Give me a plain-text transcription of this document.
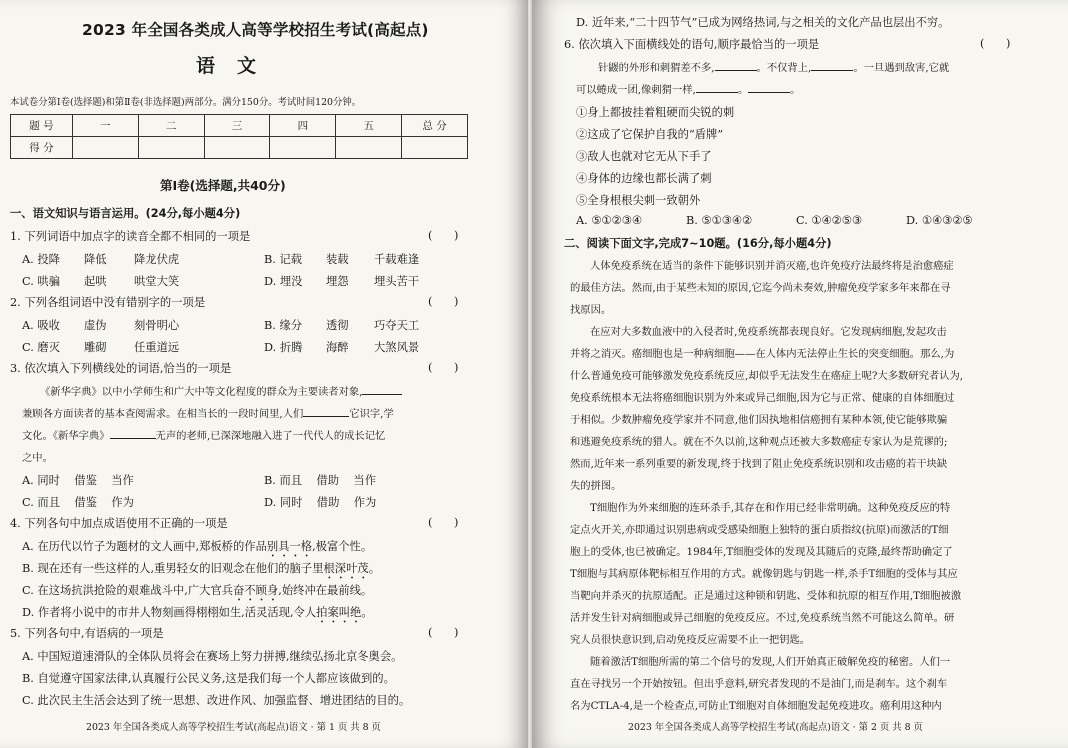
2023 年全国各类成人高等学校招生考试(高起点)
语文
本试卷分第Ⅰ卷(选择题)和第Ⅱ卷(非选择题)两部分。满分150分。考试时间120分钟。
题 号	一	二	三	四	五	总 分
得 分						
第Ⅰ卷(选择题,共40分)
一、语文知识与语言运用。(24分,每小题4分)
1. 下列词语中加点字的读音全都不相同的一项是	(      )
A. 投降 降低 降龙伏虎	B. 记载 装载 千载难逢
C. 哄骗 起哄 哄堂大笑	D. 埋没 埋怨 埋头苦干
2. 下列各组词语中没有错别字的一项是	(      )
A. 吸收 虚伪 刻骨明心	B. 缘分 透彻 巧夺天工
C. 磨灭 雕砌 任重道远	D. 折腾 海醉 大煞风景
3. 依次填入下列横线处的词语,恰当的一项是	(      )
《新华字典》以中小学师生和广大中等文化程度的群众为主要读者对象,
兼顾各方面读者的基本查阅需求。在相当长的一段时间里,人们	它识字,学
文化。《新华字典》	无声的老师,已深深地融入进了一代代人的成长记忆
之中。
A. 同时    借鉴    当作	B. 而且    借助    当作
C. 而且    借鉴    作为	D. 同时    借助    作为
4. 下列各句中加点成语使用不正确的一项是	(      )
A. 在历代以竹子为题材的文人画中,郑板桥的作品别具一格,极富个性。
B. 现在还有一些这样的人,重男轻女的旧观念在他们的脑子里根深叶茂。
C. 在这场抗洪抢险的艰难战斗中,广大官兵奋不顾身,始终冲在最前线。
D. 作者将小说中的市井人物刻画得栩栩如生,活灵活现,令人拍案叫绝。
5. 下列各句中,有语病的一项是	(      )
A. 中国短道速滑队的全体队员将会在赛场上努力拼搏,继续弘扬北京冬奥会。
B. 自觉遵守国家法律,认真履行公民义务,这是我们每一个人都应该做到的。
C. 此次民主生活会达到了统一思想、改进作风、加强监督、增进团结的目的。
2023 年全国各类成人高等学校招生考试(高起点)语文 · 第 1 页 共 8 页
D. 近年来,“二十四节气”已成为网络热词,与之相关的文化产品也层出不穷。
6. 依次填入下面横线处的语句,顺序最恰当的一项是	(      )
针鼹的外形和刺猬差不多,	。不仅背上,	。一旦遇到敌害,它就
可以蜷成一团,像刺猬一样,	。	。
①身上都披挂着粗硬而尖锐的刺
②这成了它保护自我的“盾牌”
③敌人也就对它无从下手了
④身体的边缘也都长满了刺
⑤全身根根尖刺一致朝外
A. ⑤①②③④	B. ⑤①③④②	C. ①④②⑤③	D. ①④③②⑤
二、阅读下面文字,完成7~10题。(16分,每小题4分)
人体免疫系统在适当的条件下能够识别并消灭癌,也许免疫疗法最终将是治愈癌症
的最佳方法。然而,由于某些未知的原因,它迄今尚未奏效,肿瘤免疫学家多年来都在寻
找原因。
在应对大多数血液中的入侵者时,免疫系统都表现良好。它发现病细胞,发起攻击
并将之消灭。癌细胞也是一种病细胞——在人体内无法停止生长的突变细胞。那么,为
什么普通免疫可能够激发免疫系统反应,却似乎无法发生在癌症上呢?大多数研究者认为,
免疫系统根本无法将癌细胞识别为外来或异己细胞,因为它与正常、健康的自体细胞过
于相似。少数肿瘤免疫学家并不同意,他们因执地相信癌拥有某种本领,使它能够欺骗
和逃避免疫系统的猎人。就在不久以前,这种观点还被大多数癌症专家认为是荒谬的;
然而,近年来一系列重要的新发现,终于找到了阻止免疫系统识别和攻击癌的若干块缺
失的拼图。
T细胞作为外来细胞的连环杀手,其存在和作用已经非常明确。这种免疫反应的特
定点火开关,亦即通过识别患病或受感染细胞上独特的蛋白质指纹(抗原)而激活的T细
胞上的受体,也已被确定。1984年,T细胞受体的发现及其随后的克隆,最终帮助确定了
T细胞与其病原体靶标相互作用的方式。就像钥匙与钥匙一样,杀手T细胞的受体与其应
当靶向并杀灭的抗原适配。正是通过这种锁和钥匙、受体和抗原的相互作用,T细胞被激
活并发生针对病细胞或异己细胞的免疫反应。不过,免疫系统当然不可能这么简单。研
究人员很快意识到,启动免疫反应需要不止一把钥匙。
随着激活T细胞所需的第二个信号的发现,人们开始真正破解免疫的秘密。人们一
直在寻找另一个开始按钮。但出乎意料,研究者发现的不是油门,而是刹车。这个刹车
名为CTLA-4,是一个检查点,可防止T细胞对自体细胞发起免疫进攻。癌利用这种内
2023 年全国各类成人高等学校招生考试(高起点)语文 · 第 2 页 共 8 页
